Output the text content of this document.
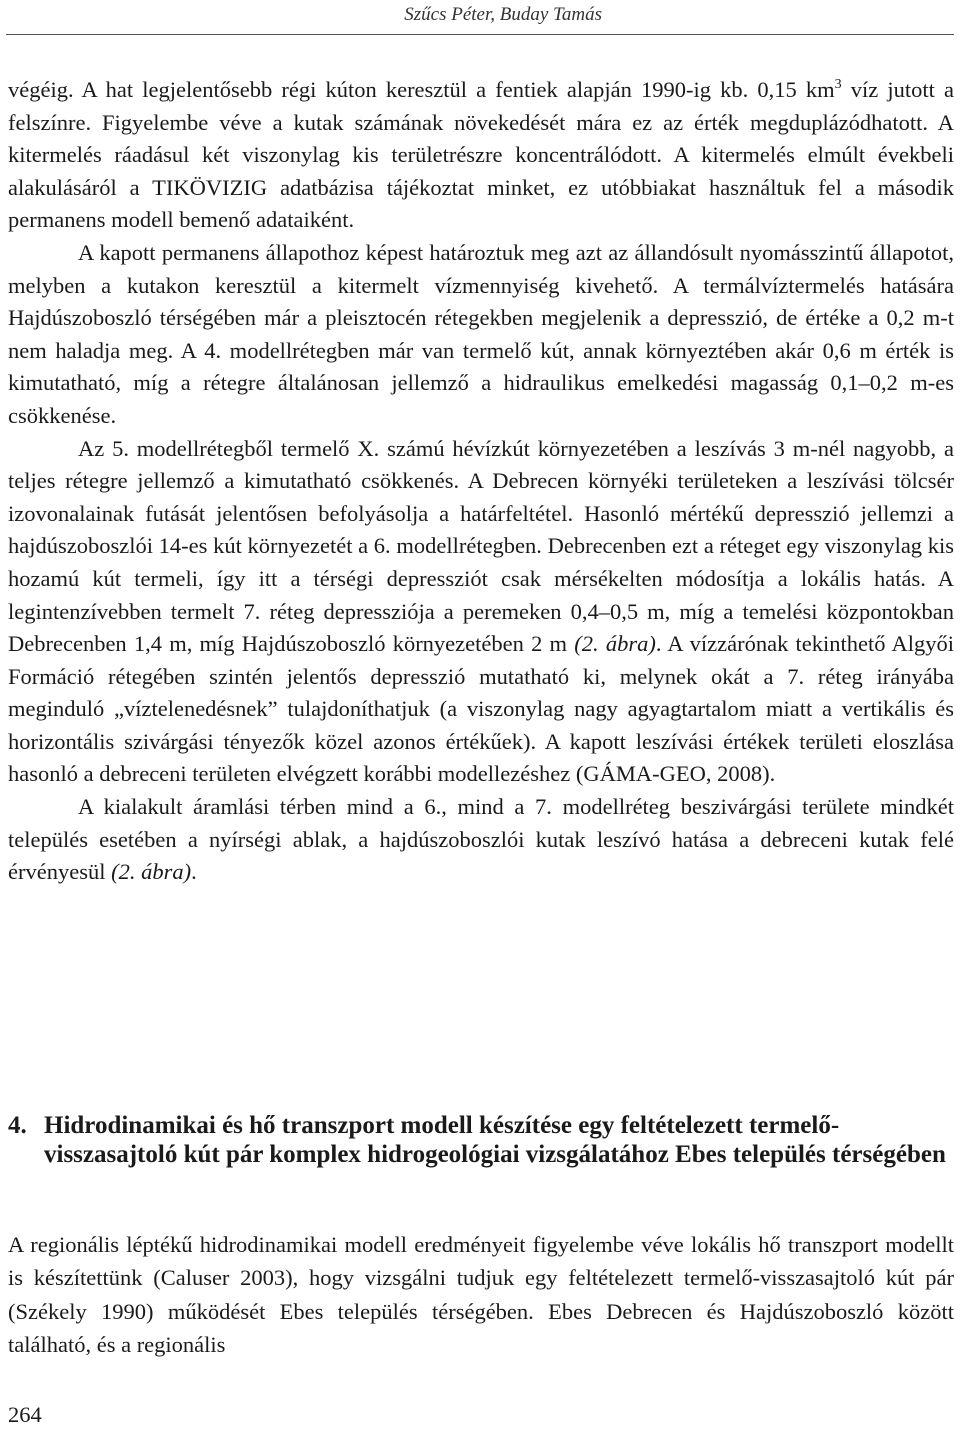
Szűcs Péter, Buday Tamás

végéig. A hat legjelentősebb régi kúton keresztül a fentiek alapján 1990-ig kb. 0,15 $km^3$ víz jutott a felszínre. Figyelembe véve a kutak számának növekedését mára ez az érték megduplázódhatott. A kitermelés ráadásul két viszonylag kis területrészre koncentrálódott. A kitermelés elmúlt évekbeli alakulásáról a TIKÖVIZIG adatbázisa tájékoztat minket, ez utóbbiakat használtuk fel a második permanens modell bemenő adataiként.

A kapott permanens állapothoz képest határoztuk meg azt az állandósult nyomásszintű állapotot, melyben a kutakon keresztül a kitermelt vízmennyiség kivehető. A termálvíztermelés hatására Hajdúszoboszló térségében már a pleisztocén rétegekben megjelenik a depresszió, de értéke a 0,2 m-t nem haladja meg. A 4. modellrétegben már van termelő kút, annak környeztében akár 0,6 m érték is kimutatható, míg a rétegre általánosan jellemző a hidraulikus emelkedési magasság 0,1–0,2 m-es csökkenése.

Az 5. modellrétegből termelő X. számú hévízkút környezetében a leszívás 3 m-nél nagyobb, a teljes rétegre jellemző a kimutatható csökkenés. A Debrecen környéki területeken a leszívási tölcsér izovonalainak futását jelentősen befolyásolja a határfeltétel. Hasonló mértékű depresszió jellemzi a hajdúszoboszlói 14-es kút környezetét a 6. modellrétegben. Debrecenben ezt a réteget egy viszonylag kis hozamú kút termeli, így itt a térségi depressziót csak mérsékelten módosítja a lokális hatás. A legintenzívebben termelt 7. réteg depressziója a peremeken 0,4–0,5 m, míg a temelési központokban Debrecenben 1,4 m, míg Hajdúszoboszló környezetében 2 m (2. ábra). A vízzárónak tekinthető Algyői Formáció rétegében szintén jelentős depresszió mutatható ki, melynek okát a 7. réteg irányába meginduló „víztelenedésnek” tulajdoníthatjuk (a viszonylag nagy agyagtartalom miatt a vertikális és horizontális szivárgási tényezők közel azonos értékűek). A kapott leszívási értékek területi eloszlása hasonló a debreceni területen elvégzett korábbi modellezéshez (GÁMA-GEO, 2008).

A kialakult áramlási térben mind a 6., mind a 7. modellréteg beszivárgási területe mindkét település esetében a nyírségi ablak, a hajdúszoboszlói kutak leszívó hatása a debreceni kutak felé érvényesül (2. ábra).

4. Hidrodinamikai és hő transzport modell készítése egy feltételezett termelő-visszasajtoló kút pár komplex hidrogeológiai vizsgálatához Ebes település térségében

A regionális léptékű hidrodinamikai modell eredményeit figyelembe véve lokális hő transzport modellt is készítettünk (Caluser 2003), hogy vizsgálni tudjuk egy feltételezett termelő-visszasajtoló kút pár (Székely 1990) működését Ebes település térségében. Ebes Debrecen és Hajdúszoboszló között található, és a regionális

264
